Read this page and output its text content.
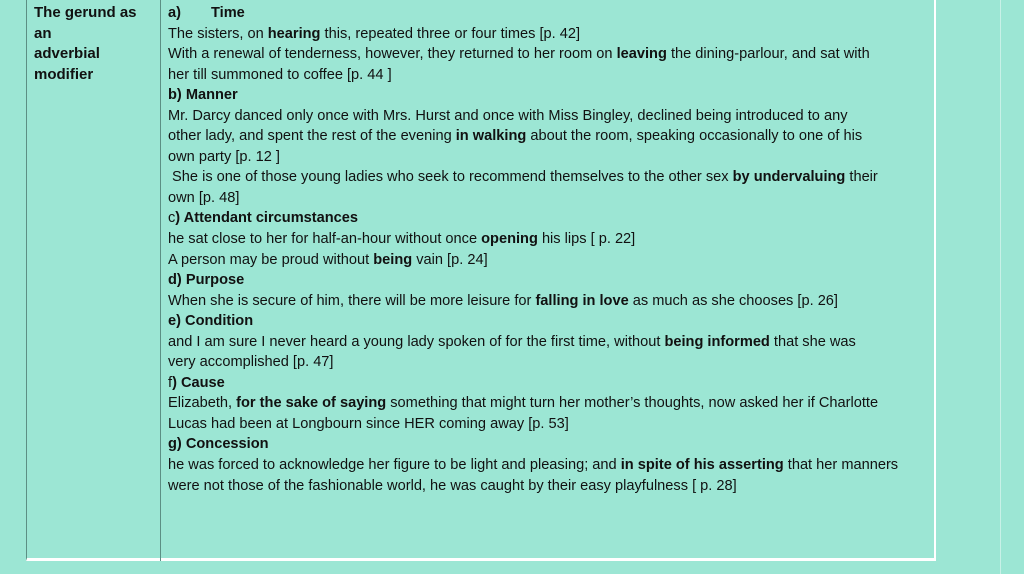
The gerund as an
adverbial
modifier
a) Time
The sisters, on hearing this, repeated three or four times [p. 42]
With a renewal of tenderness, however, they returned to her room on leaving the dining-parlour, and sat with
her till summoned to coffee [p. 44 ]
b) Manner
Mr. Darcy danced only once with Mrs. Hurst and once with Miss Bingley, declined being introduced to any
other lady, and spent the rest of the evening in walking about the room, speaking occasionally to one of his
own party [p. 12 ]
She is one of those young ladies who seek to recommend themselves to the other sex by undervaluing their
own [p. 48]
c) Attendant circumstances
he sat close to her for half-an-hour without once opening his lips [ p. 22]
A person may be proud without being vain [p. 24]
d) Purpose
When she is secure of him, there will be more leisure for falling in love as much as she chooses [p. 26]
e) Condition
and I am sure I never heard a young lady spoken of for the first time, without being informed that she was
very accomplished [p. 47]
f) Cause
Elizabeth, for the sake of saying something that might turn her mother’s thoughts, now asked her if Charlotte
Lucas had been at Longbourn since HER coming away [p. 53]
g) Concession
he was forced to acknowledge her figure to be light and pleasing; and in spite of his asserting that her manners
were not those of the fashionable world, he was caught by their easy playfulness [ p. 28]
